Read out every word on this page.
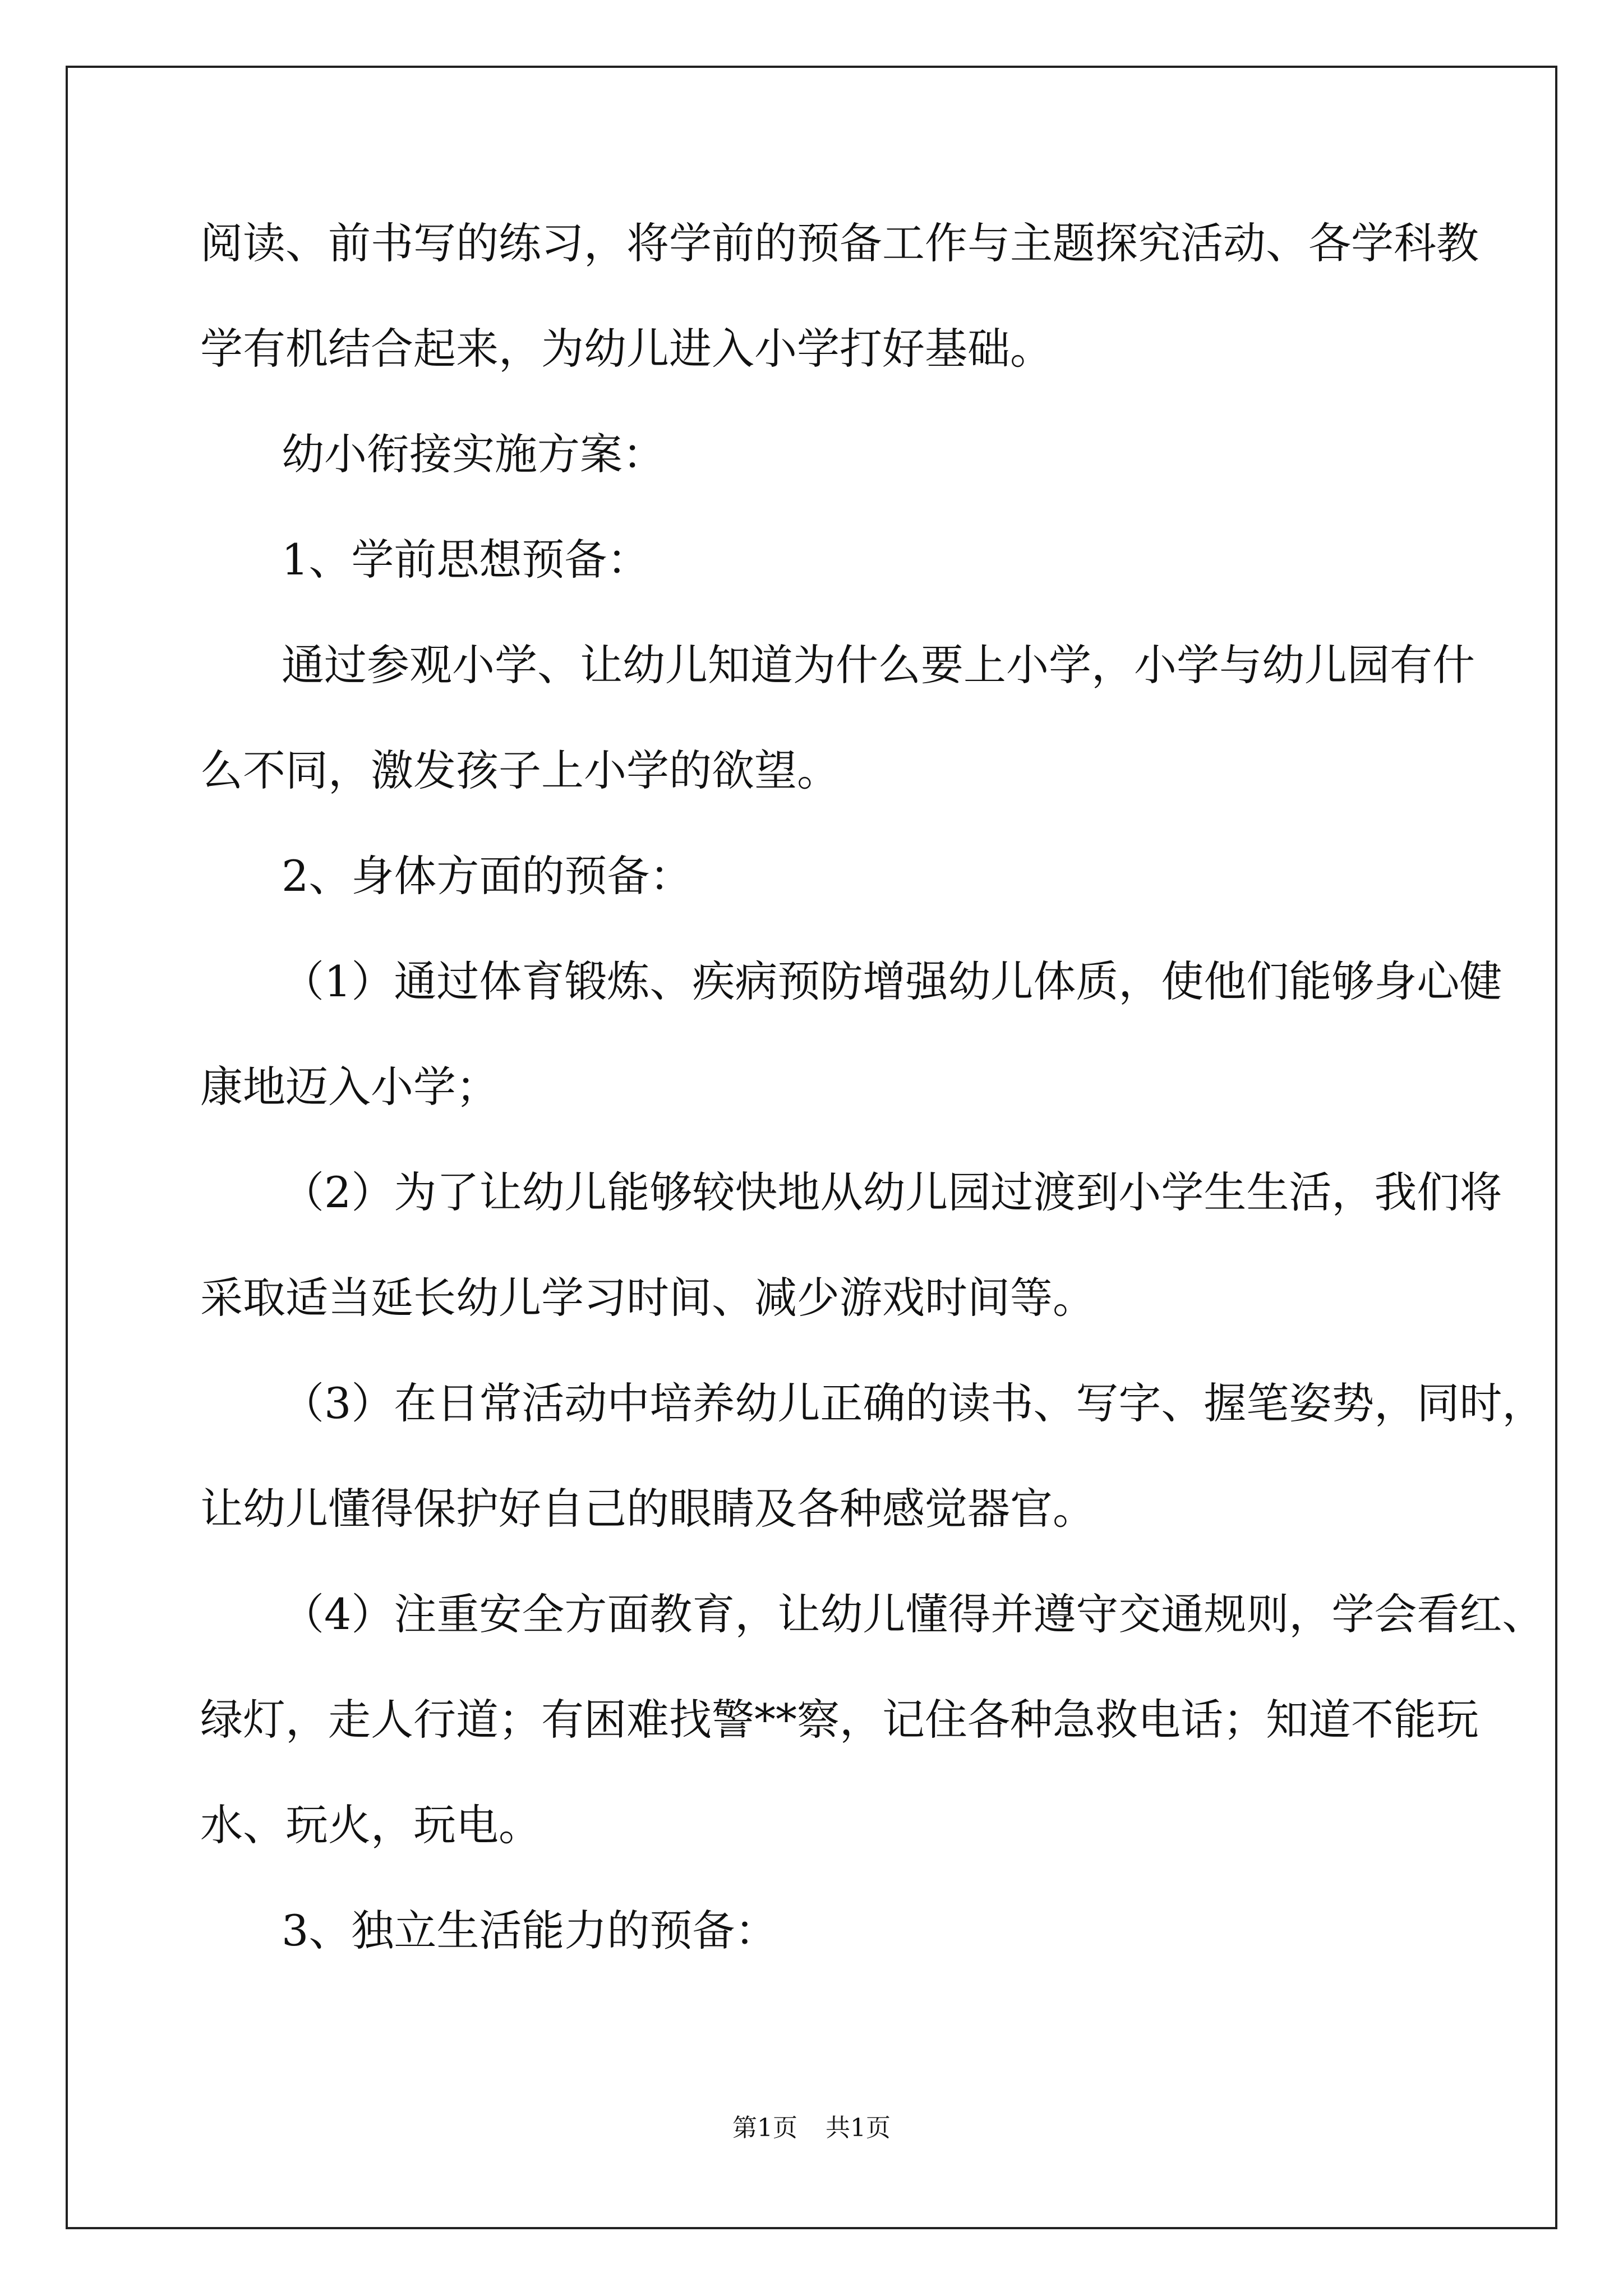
阅读、前书写的练习，将学前的预备工作与主题探究活动、各学科教
学有机结合起来，为幼儿进入小学打好基础。
幼小衔接实施方案：
1、学前思想预备：
通过参观小学、让幼儿知道为什么要上小学，小学与幼儿园有什
么不同，激发孩子上小学的欲望。
2、身体方面的预备：
（1）通过体育锻炼、疾病预防增强幼儿体质，使他们能够身心健
康地迈入小学；
（2）为了让幼儿能够较快地从幼儿园过渡到小学生生活，我们将
采取适当延长幼儿学习时间、减少游戏时间等。
（3）在日常活动中培养幼儿正确的读书、写字、握笔姿势，同时，
让幼儿懂得保护好自己的眼睛及各种感觉器官。
（4）注重安全方面教育，让幼儿懂得并遵守交通规则，学会看红、
绿灯，走人行道；有困难找警**察，记住各种急救电话；知道不能玩
水、玩火，玩电。
3、独立生活能力的预备：
第1页 共1页
